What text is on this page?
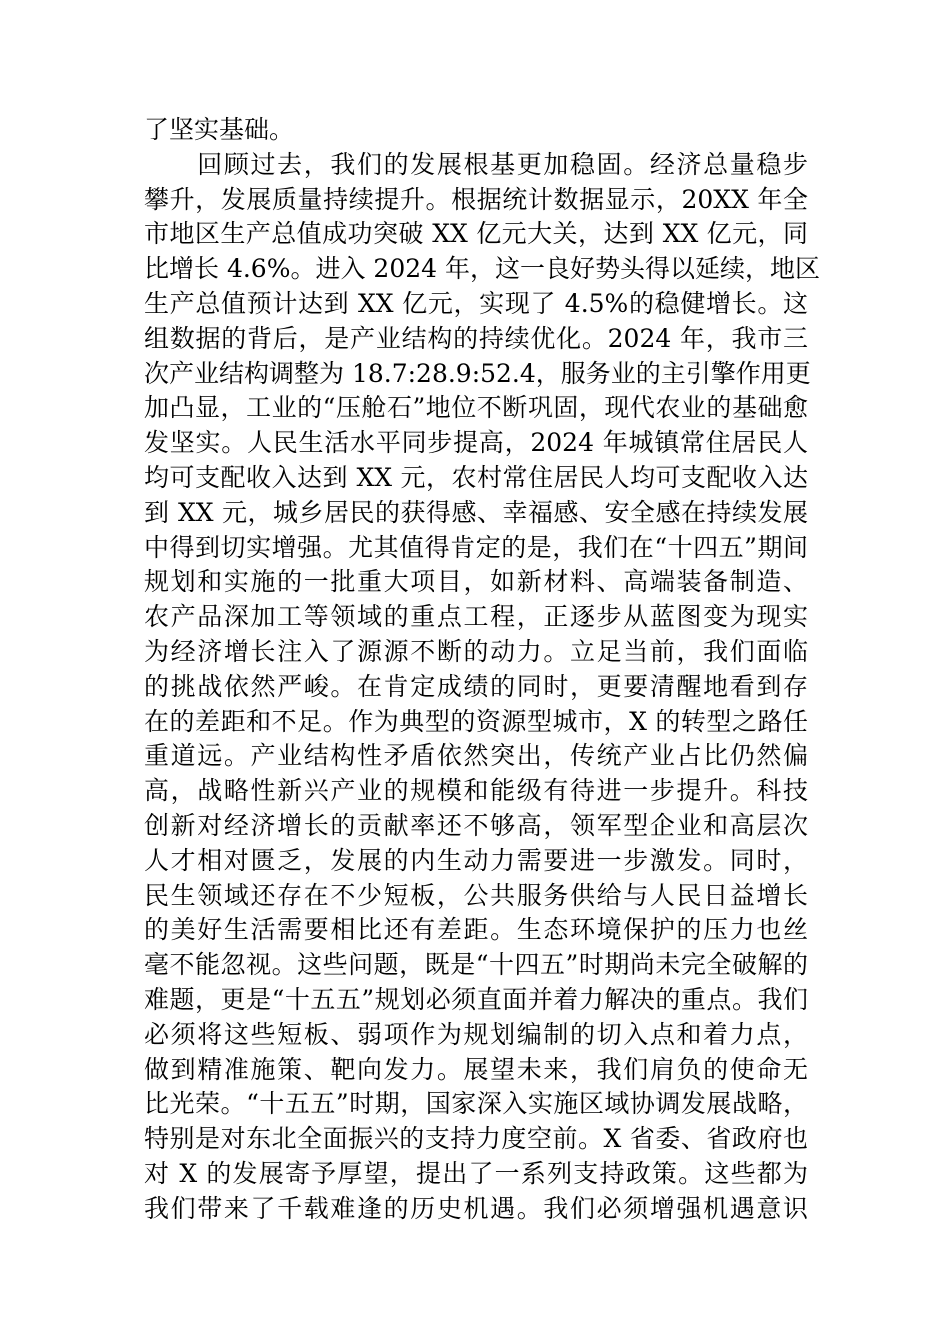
了坚实基础。
　　回顾过去，我们的发展根基更加稳固。经济总量稳步
攀升，发展质量持续提升。根据统计数据显示，20XX 年全
市地区生产总值成功突破 XX 亿元大关，达到 XX 亿元，同
比增长 4.6%。进入 2024 年，这一良好势头得以延续，地区
生产总值预计达到 XX 亿元，实现了 4.5%的稳健增长。这
组数据的背后，是产业结构的持续优化。2024 年，我市三
次产业结构调整为 18.7:28.9:52.4，服务业的主引擎作用更
加凸显，工业的“压舱石”地位不断巩固，现代农业的基础愈
发坚实。人民生活水平同步提高，2024 年城镇常住居民人
均可支配收入达到 XX 元，农村常住居民人均可支配收入达
到 XX 元，城乡居民的获得感、幸福感、安全感在持续发展
中得到切实增强。尤其值得肯定的是，我们在“十四五”期间
规划和实施的一批重大项目，如新材料、高端装备制造、
农产品深加工等领域的重点工程，正逐步从蓝图变为现实
为经济增长注入了源源不断的动力。立足当前，我们面临
的挑战依然严峻。在肯定成绩的同时，更要清醒地看到存
在的差距和不足。作为典型的资源型城市，X 的转型之路任
重道远。产业结构性矛盾依然突出，传统产业占比仍然偏
高，战略性新兴产业的规模和能级有待进一步提升。科技
创新对经济增长的贡献率还不够高，领军型企业和高层次
人才相对匮乏，发展的内生动力需要进一步激发。同时，
民生领域还存在不少短板，公共服务供给与人民日益增长
的美好生活需要相比还有差距。生态环境保护的压力也丝
毫不能忽视。这些问题，既是“十四五”时期尚未完全破解的
难题，更是“十五五”规划必须直面并着力解决的重点。我们
必须将这些短板、弱项作为规划编制的切入点和着力点，
做到精准施策、靶向发力。展望未来，我们肩负的使命无
比光荣。“十五五”时期，国家深入实施区域协调发展战略，
特别是对东北全面振兴的支持力度空前。X 省委、省政府也
对 X 的发展寄予厚望，提出了一系列支持政策。这些都为
我们带来了千载难逢的历史机遇。我们必须增强机遇意识
